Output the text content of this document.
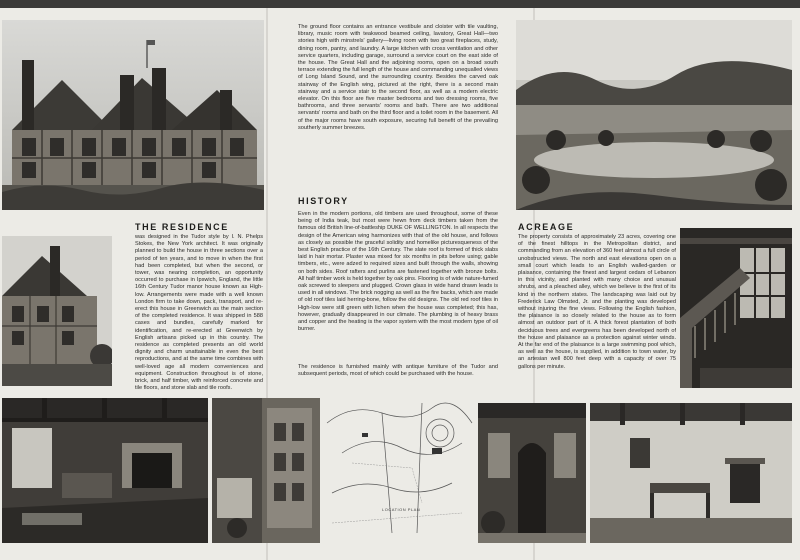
LOCATION PLAN

The ground floor contains an entrance vestibule and cloister with tile vaulting, library, music room with teakwood beamed ceiling, lavatory, Great Hall—two stories high with minstrels' gallery—living room with two great fireplaces, study, dining room, pantry, and laundry. A large kitchen with cross ventilation and other service quarters, including garage, surround a service court on the east side of the house. The Great Hall and the adjoining rooms, open on a broad south terrace extending the full length of the house and commanding unequalled views of Long Island Sound, and the surrounding country. Besides the carved oak stairway of the English wing, pictured at the right, there is a second main stairway and a service stair to the second floor, as well as a modern electric elevator. On this floor are five master bedrooms and two dressing rooms, five bathrooms, and three servants' rooms and bath. There are two additional servants' rooms and bath on the third floor and a toilet room in the basement. All of the major rooms have south exposure, securing full benefit of the prevailing southerly summer breezes.

THE RESIDENCE

was designed in the Tudor style by I. N. Phelps Stokes, the New York architect. It was originally planned to build the house in three sections over a period of ten years, and to move in when the first had been completed, but when the second, or tower, was nearing completion, an opportunity occurred to purchase in Ipswich, England, the little 16th Century Tudor manor house known as High-low. Arrangements were made with a well known London firm to take down, pack, transport, and re-erect this house in Greenwich as the main section of the completed residence. It was shipped in 588 cases and bundles, carefully marked for identification, and re-erected at Greenwich by English artisans picked up in this country. The residence as completed presents an old world dignity and charm unattainable in even the best reproductions, and at the same time combines with well-loved age all modern conveniences and equipment. Construction throughout is of stone, brick, and half timber, with reinforced concrete and tile floors, and stone slab and tile roofs.

HISTORY

Even in the modern portions, old timbers are used throughout, some of these being of India teak, but most were hewn from deck timbers taken from the famous old British line-of-battleship DUKE OF WELLINGTON. In all respects the design of the American wing harmonizes with that of the old house, and follows as closely as possible the graceful solidity and homelike picturesqueness of the best English practice of the 16th Century. The slate roof is formed of thick slabs laid in hair mortar. Plaster was mixed for six months in pits before using; gable timbers, etc., were adzed to required sizes and built through the walls, showing on both sides. Roof rafters and purlins are fastened together with bronze bolts. All half timber work is held together by oak pins. Flooring is of wide nature-fumed oak screwed to sleepers and plugged. Crown glass in wide hand drawn leads is used in all windows. The brick nogging as well as the fire backs, which are made of old roof tiles laid herring-bone, follow the old designs. The old red roof tiles in High-low were still green with lichen when the house was completed; this has, however, gradually disappeared in our climate. The plumbing is of heavy brass and copper and the heating is the vapor system with the most modern type of oil burner.

The residence is furnished mainly with antique furniture of the Tudor and subsequent periods, most of which could be purchased with the house.

ACREAGE

The property consists of approximately 23 acres, covering one of the finest hilltops in the Metropolitan district, and commanding from an elevation of 360 feet almost a full circle of unobstructed views. The north and east elevations open on a small court which leads to an English walled-garden or plaisance, containing the finest and largest cedars of Lebanon in this vicinity, and planted with many choice and unusual shrubs, and a pleached alley, which we believe is the first of its kind in the northern states. The landscaping was laid out by Frederick Law Olmsted, Jr. and the planting was developed without injuring the fine views. Following the English fashion, the plaisance is so closely related to the house as to form almost an outdoor part of it. A thick forest plantation of both deciduous trees and evergreens has been developed north of the house and plaisance as a protection against winter winds. At the far end of the plaisance is a large swimming pool which, as well as the house, is supplied, in addition to town water, by an artesian well 800 feet deep with a capacity of over 75 gallons per minute.
